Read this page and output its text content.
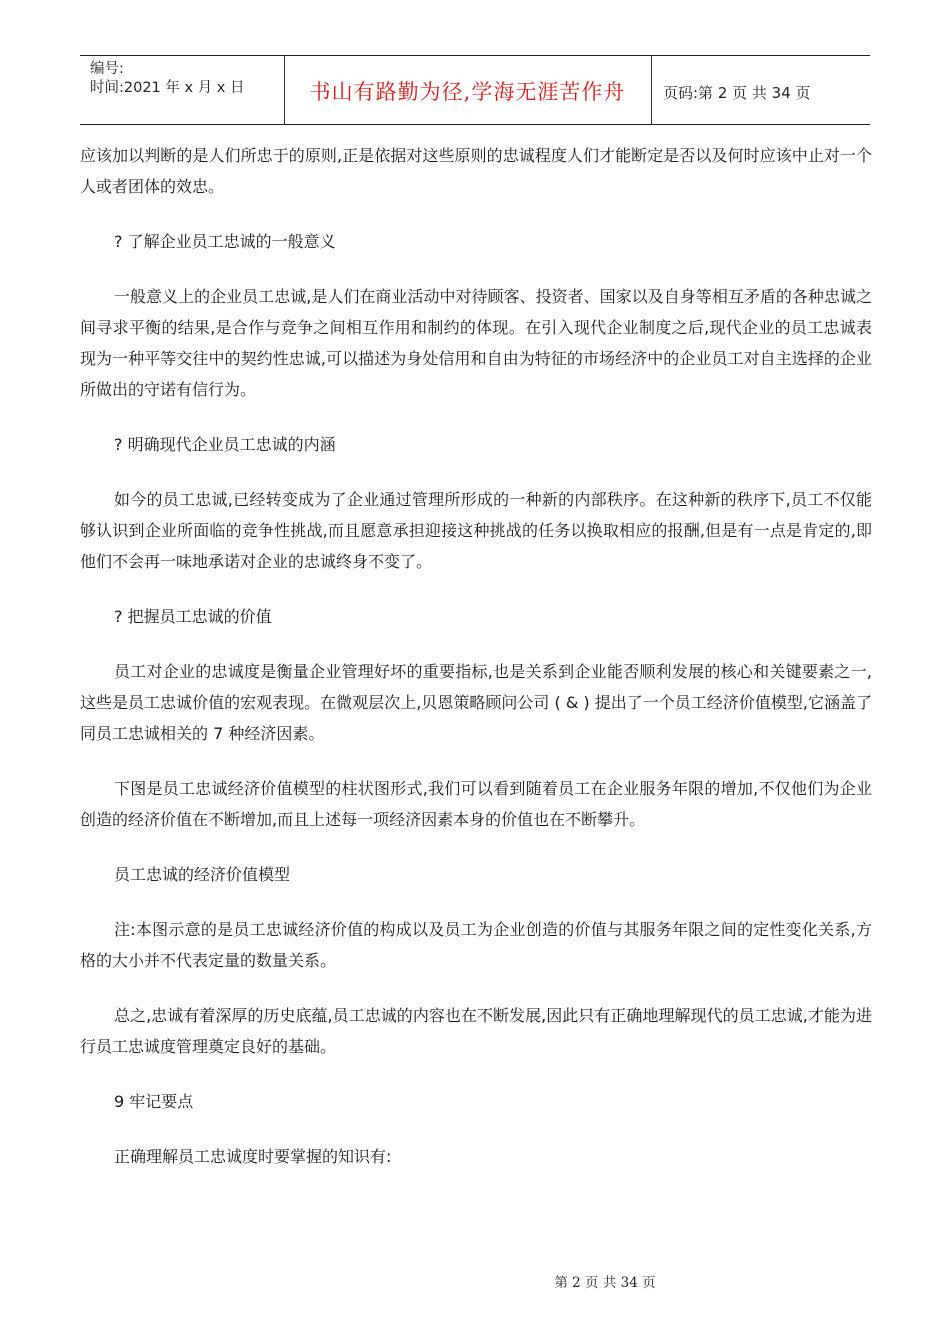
编号:
时间:2021 年 x 月 x 日	书山有路勤为径,学海无涯苦作舟	页码:第 2 页 共 34 页

应该加以判断的是人们所忠于的原则,正是依据对这些原则的忠诚程度人们才能断定是否以及何时应该中止对一个人或者团体的效忠。

? 了解企业员工忠诚的一般意义

一般意义上的企业员工忠诚,是人们在商业活动中对待顾客、投资者、国家以及自身等相互矛盾的各种忠诚之间寻求平衡的结果,是合作与竞争之间相互作用和制约的体现。在引入现代企业制度之后,现代企业的员工忠诚表现为一种平等交往中的契约性忠诚,可以描述为身处信用和自由为特征的市场经济中的企业员工对自主选择的企业所做出的守诺有信行为。

? 明确现代企业员工忠诚的内涵

如今的员工忠诚,已经转变成为了企业通过管理所形成的一种新的内部秩序。在这种新的秩序下,员工不仅能够认识到企业所面临的竞争性挑战,而且愿意承担迎接这种挑战的任务以换取相应的报酬,但是有一点是肯定的,即他们不会再一味地承诺对企业的忠诚终身不变了。

? 把握员工忠诚的价值

员工对企业的忠诚度是衡量企业管理好坏的重要指标,也是关系到企业能否顺利发展的核心和关键要素之一,这些是员工忠诚价值的宏观表现。在微观层次上,贝恩策略顾问公司 ( & ) 提出了一个员工经济价值模型,它涵盖了同员工忠诚相关的 7 种经济因素。

下图是员工忠诚经济价值模型的柱状图形式,我们可以看到随着员工在企业服务年限的增加,不仅他们为企业创造的经济价值在不断增加,而且上述每一项经济因素本身的价值也在不断攀升。

员工忠诚的经济价值模型

注:本图示意的是员工忠诚经济价值的构成以及员工为企业创造的价值与其服务年限之间的定性变化关系,方格的大小并不代表定量的数量关系。

总之,忠诚有着深厚的历史底蕴,员工忠诚的内容也在不断发展,因此只有正确地理解现代的员工忠诚,才能为进行员工忠诚度管理奠定良好的基础。

9 牢记要点

正确理解员工忠诚度时要掌握的知识有:

第 2 页 共 34 页
